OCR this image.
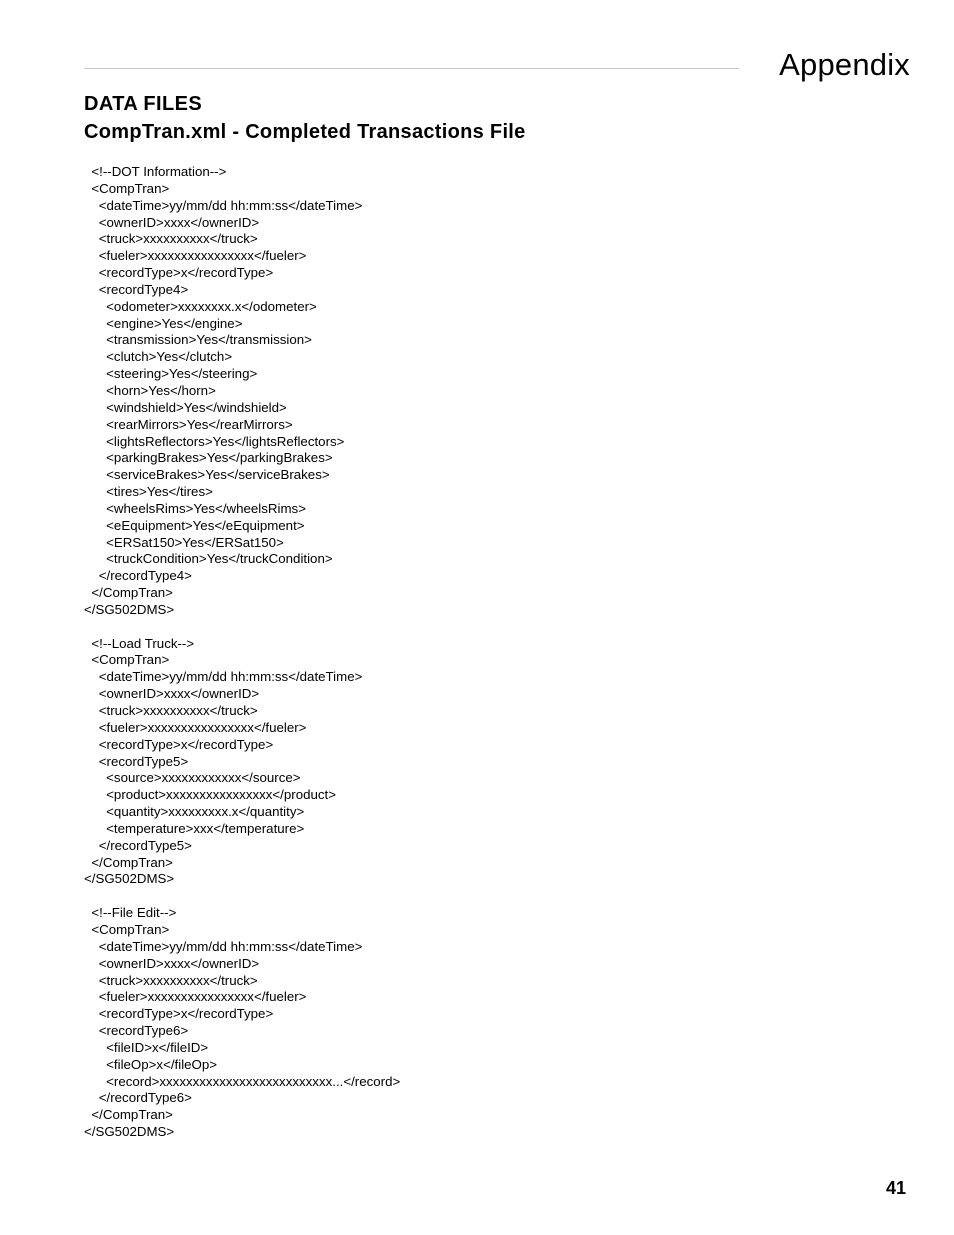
Appendix
DATA FILES
CompTran.xml - Completed Transactions File
<!--DOT Information-->
<CompTran>
<dateTime>yy/mm/dd hh:mm:ss</dateTime>
<ownerID>xxxx</ownerID>
<truck>xxxxxxxxxx</truck>
<fueler>xxxxxxxxxxxxxxxx</fueler>
<recordType>x</recordType>
<recordType4>
<odometer>xxxxxxxx.x</odometer>
<engine>Yes</engine>
<transmission>Yes</transmission>
<clutch>Yes</clutch>
<steering>Yes</steering>
<horn>Yes</horn>
<windshield>Yes</windshield>
<rearMirrors>Yes</rearMirrors>
<lightsReflectors>Yes</lightsReflectors>
<parkingBrakes>Yes</parkingBrakes>
<serviceBrakes>Yes</serviceBrakes>
<tires>Yes</tires>
<wheelsRims>Yes</wheelsRims>
<eEquipment>Yes</eEquipment>
<ERSat150>Yes</ERSat150>
<truckCondition>Yes</truckCondition>
</recordType4>
</CompTran>
</SG502DMS>
<!--Load Truck-->
<CompTran>
<dateTime>yy/mm/dd hh:mm:ss</dateTime>
<ownerID>xxxx</ownerID>
<truck>xxxxxxxxxx</truck>
<fueler>xxxxxxxxxxxxxxxx</fueler>
<recordType>x</recordType>
<recordType5>
<source>xxxxxxxxxxxx</source>
<product>xxxxxxxxxxxxxxxx</product>
<quantity>xxxxxxxxx.x</quantity>
<temperature>xxx</temperature>
</recordType5>
</CompTran>
</SG502DMS>
<!--File Edit-->
<CompTran>
<dateTime>yy/mm/dd hh:mm:ss</dateTime>
<ownerID>xxxx</ownerID>
<truck>xxxxxxxxxx</truck>
<fueler>xxxxxxxxxxxxxxxx</fueler>
<recordType>x</recordType>
<recordType6>
<fileID>x</fileID>
<fileOp>x</fileOp>
<record>xxxxxxxxxxxxxxxxxxxxxxxxxx...</record>
</recordType6>
</CompTran>
</SG502DMS>
41
